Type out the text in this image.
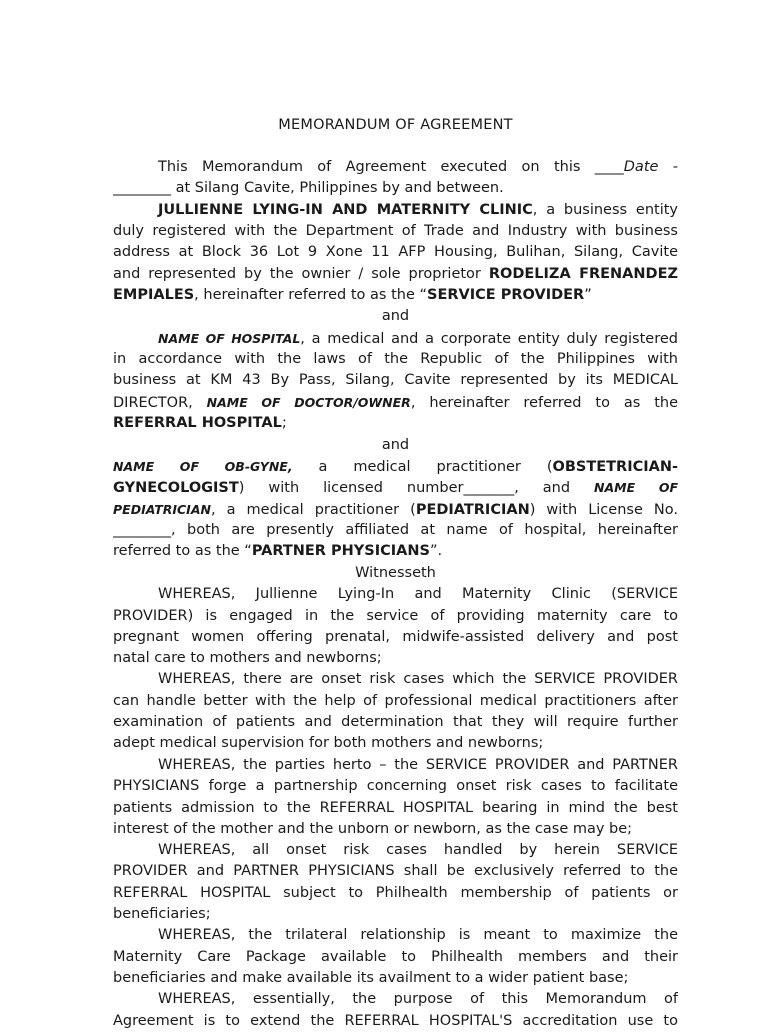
MEMORANDUM OF AGREEMENT
This Memorandum of Agreement executed on this ____Date -
________ at Silang Cavite, Philippines by and between.
JULLIENNE LYING-IN AND MATERNITY CLINIC, a business entity
duly registered with the Department of Trade and Industry with business
address at Block 36 Lot 9 Xone 11 AFP Housing, Bulihan, Silang, Cavite
and represented by the ownier / sole proprietor RODELIZA FRENANDEZ
EMPIALES, hereinafter referred to as the “SERVICE PROVIDER”
and
NAME OF HOSPITAL, a medical and a corporate entity duly registered
in accordance with the laws of the Republic of the Philippines with
business at KM 43 By Pass, Silang, Cavite represented by its MEDICAL
DIRECTOR, NAME OF DOCTOR/OWNER, hereinafter referred to as the
REFERRAL HOSPITAL;
and
NAME OF OB-GYNE, a medical practitioner (OBSTETRICIAN-
GYNECOLOGIST) with licensed number_______, and NAME OF
PEDIATRICIAN, a medical practitioner (PEDIATRICIAN) with License No.
________, both are presently affiliated at name of hospital, hereinafter
referred to as the “PARTNER PHYSICIANS”.
Witnesseth
WHEREAS, Jullienne Lying-In and Maternity Clinic (SERVICE
PROVIDER) is engaged in the service of providing maternity care to
pregnant women offering prenatal, midwife-assisted delivery and post
natal care to mothers and newborns;
WHEREAS, there are onset risk cases which the SERVICE PROVIDER
can handle better with the help of professional medical practitioners after
examination of patients and determination that they will require further
adept medical supervision for both mothers and newborns;
WHEREAS, the parties herto – the SERVICE PROVIDER and PARTNER
PHYSICIANS forge a partnership concerning onset risk cases to facilitate
patients admission to the REFERRAL HOSPITAL bearing in mind the best
interest of the mother and the unborn or newborn, as the case may be;
WHEREAS, all onset risk cases handled by herein SERVICE
PROVIDER and PARTNER PHYSICIANS shall be exclusively referred to the
REFERRAL HOSPITAL subject to Philhealth membership of patients or
beneficiaries;
WHEREAS, the trilateral relationship is meant to maximize the
Maternity Care Package available to Philhealth members and their
beneficiaries and make available its availment to a wider patient base;
WHEREAS, essentially, the purpose of this Memorandum of
Agreement is to extend the REFERRAL HOSPITAL'S accreditation use to
